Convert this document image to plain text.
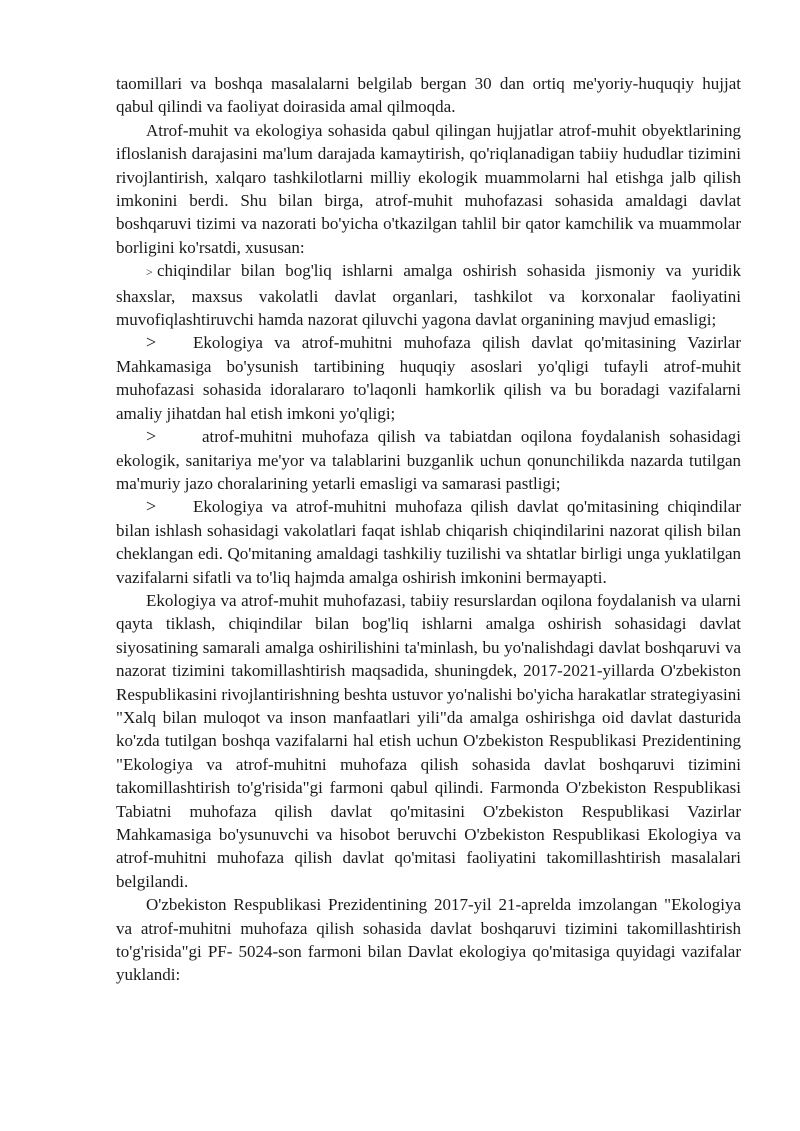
taomillari va boshqa masalalarni belgilab bergan 30 dan ortiq me'yoriy-huquqiy hujjat qabul qilindi va faoliyat doirasida amal qilmoqda.

Atrof-muhit va ekologiya sohasida qabul qilingan hujjatlar atrof-muhit obyektlarining ifloslanish darajasini ma'lum darajada kamaytirish, qo'riqlanadigan tabiiy hududlar tizimini rivojlantirish, xalqaro tashkilotlarni milliy ekologik muammolarni hal etishga jalb qilish imkonini berdi. Shu bilan birga, atrof-muhit muhofazasi sohasida amaldagi davlat boshqaruvi tizimi va nazorati bo'yicha o'tkazilgan tahlil bir qator kamchilik va muammolar borligini ko'rsatdi, xususan:

> chiqindilar bilan bog'liq ishlarni amalga oshirish sohasida jismoniy va yuridik shaxslar, maxsus vakolatli davlat organlari, tashkilot va korxonalar faoliyatini muvofiqlashtiruvchi hamda nazorat qiluvchi yagona davlat organining mavjud emasligi;

> Ekologiya va atrof-muhitni muhofaza qilish davlat qo'mitasining Vazirlar Mahkamasiga bo'ysunish tartibining huquqiy asoslari yo'qligi tufayli atrof-muhit muhofazasi sohasida idoralararo to'laqonli hamkorlik qilish va bu boradagi vazifalarni amaliy jihatdan hal etish imkoni yo'qligi;

>	atrof-muhitni muhofaza qilish va tabiatdan oqilona foydalanish sohasidagi ekologik, sanitariya me'yor va talablarini buzganlik uchun qonunchilikda nazarda tutilgan ma'muriy jazo choralarining yetarli emasligi va samarasi pastligi;

> Ekologiya va atrof-muhitni muhofaza qilish davlat qo'mitasining chiqindilar bilan ishlash sohasidagi vakolatlari faqat ishlab chiqarish chiqindilarini nazorat qilish bilan cheklangan edi. Qo'mitaning amaldagi tashkiliy tuzilishi va shtatlar birligi unga yuklatilgan vazifalarni sifatli va to'liq hajmda amalga oshirish imkonini bermayapti.

Ekologiya va atrof-muhit muhofazasi, tabiiy resurslardan oqilona foydalanish va ularni qayta tiklash, chiqindilar bilan bog'liq ishlarni amalga oshirish sohasidagi davlat siyosatining samarali amalga oshirilishini ta'minlash, bu yo'nalishdagi davlat boshqaruvi va nazorat tizimini takomillashtirish maqsadida, shuningdek, 2017-2021-yillarda O'zbekiston Respublikasini rivojlantirishning beshta ustuvor yo'nalishi bo'yicha harakatlar strategiyasini "Xalq bilan muloqot va inson manfaatlari yili"da amalga oshirishga oid davlat dasturida ko'zda tutilgan boshqa vazifalarni hal etish uchun O'zbekiston Respublikasi Prezidentining "Ekologiya va atrof-muhitni muhofaza qilish sohasida davlat boshqaruvi tizimini takomillashtirish to'g'risida"gi farmoni qabul qilindi. Farmonda O'zbekiston Respublikasi Tabiatni muhofaza qilish davlat qo'mitasini O'zbekiston Respublikasi Vazirlar Mahkamasiga bo'ysunuvchi va hisobot beruvchi O'zbekiston Respublikasi Ekologiya va atrof-muhitni muhofaza qilish davlat qo'mitasi faoliyatini takomillashtirish masalalari belgilandi.

O'zbekiston Respublikasi Prezidentining 2017-yil 21-aprelda imzolangan "Ekologiya va atrof-muhitni muhofaza qilish sohasida davlat boshqaruvi tizimini takomillashtirish to'g'risida"gi PF- 5024-son farmoni bilan Davlat ekologiya qo'mitasiga quyidagi vazifalar yuklandi:
